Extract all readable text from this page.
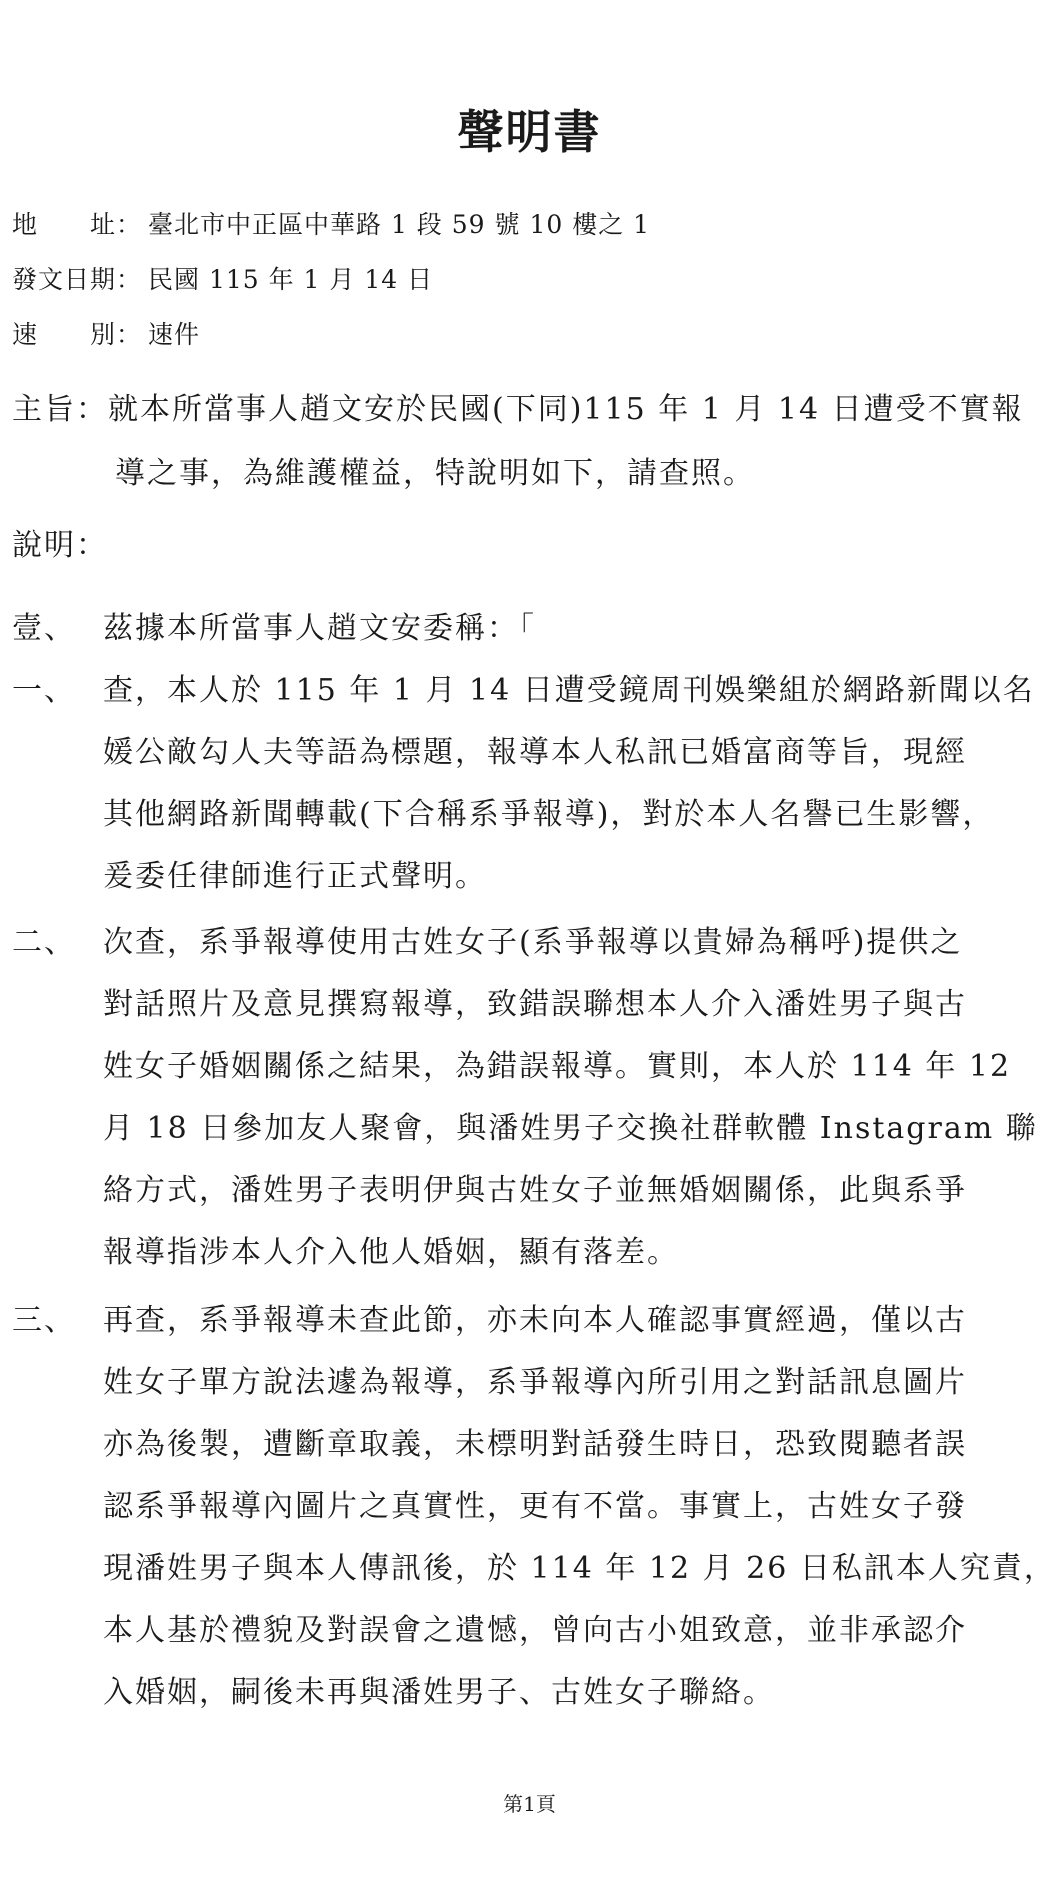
聲明書
地　　址： 臺北市中正區中華路 1 段 59 號 10 樓之 1
發文日期： 民國 115 年 1 月 14 日
速　　別： 速件
主旨：就本所當事人趙文安於民國(下同)115 年 1 月 14 日遭受不實報
導之事，為維護權益，特說明如下，請查照。
說明：
壹、 茲據本所當事人趙文安委稱：「
一、 查，本人於 115 年 1 月 14 日遭受鏡周刊娛樂組於網路新聞以名
媛公敵勾人夫等語為標題，報導本人私訊已婚富商等旨，現經
其他網路新聞轉載(下合稱系爭報導)，對於本人名譽已生影響，
爰委任律師進行正式聲明。
二、 次查，系爭報導使用古姓女子(系爭報導以貴婦為稱呼)提供之
對話照片及意見撰寫報導，致錯誤聯想本人介入潘姓男子與古
姓女子婚姻關係之結果，為錯誤報導。實則，本人於 114 年 12
月 18 日參加友人聚會，與潘姓男子交換社群軟體 Instagram 聯
絡方式，潘姓男子表明伊與古姓女子並無婚姻關係，此與系爭
報導指涉本人介入他人婚姻，顯有落差。
三、 再查，系爭報導未查此節，亦未向本人確認事實經過，僅以古
姓女子單方說法遽為報導，系爭報導內所引用之對話訊息圖片
亦為後製，遭斷章取義，未標明對話發生時日，恐致閱聽者誤
認系爭報導內圖片之真實性，更有不當。事實上，古姓女子發
現潘姓男子與本人傳訊後，於 114 年 12 月 26 日私訊本人究責，
本人基於禮貌及對誤會之遺憾，曾向古小姐致意，並非承認介
入婚姻，嗣後未再與潘姓男子、古姓女子聯絡。
第1頁
